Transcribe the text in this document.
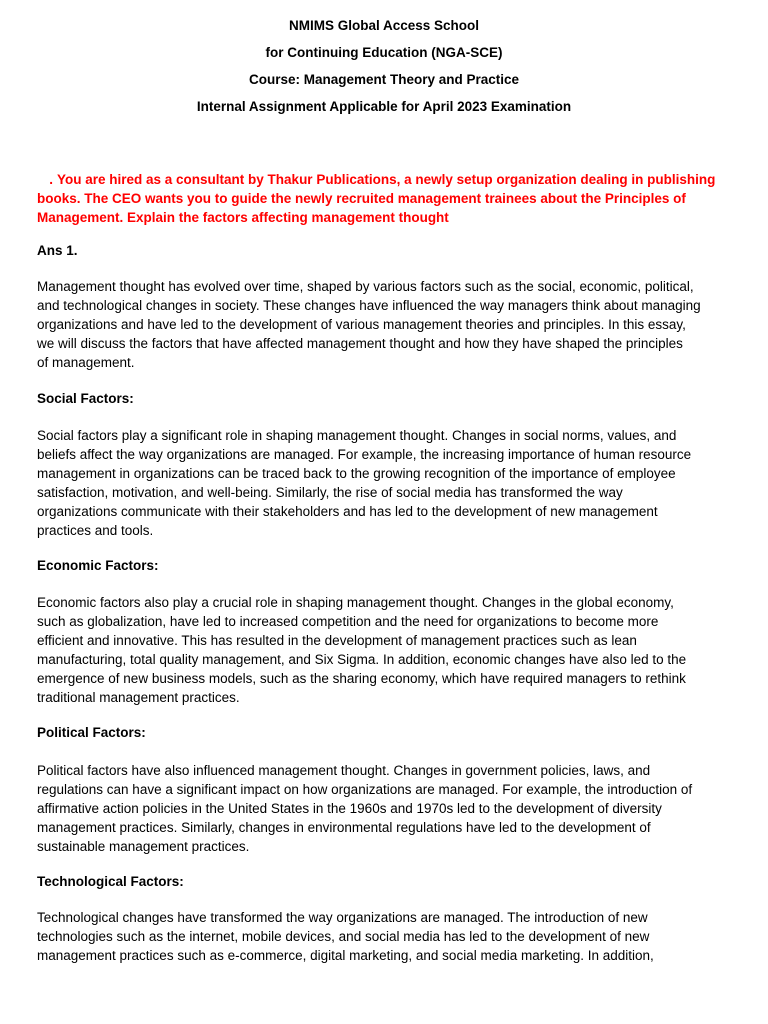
NMIMS Global Access School
for Continuing Education (NGA-SCE)
Course: Management Theory and Practice
Internal Assignment Applicable for April 2023 Examination
. You are hired as a consultant by Thakur Publications, a newly setup organization dealing in publishing
books. The CEO wants you to guide the newly recruited management trainees about the Principles of
Management. Explain the factors affecting management thought
Ans 1.
Management thought has evolved over time, shaped by various factors such as the social, economic, political,
and technological changes in society. These changes have influenced the way managers think about managing
organizations and have led to the development of various management theories and principles. In this essay,
we will discuss the factors that have affected management thought and how they have shaped the principles
of management.
Social Factors:
Social factors play a significant role in shaping management thought. Changes in social norms, values, and
beliefs affect the way organizations are managed. For example, the increasing importance of human resource
management in organizations can be traced back to the growing recognition of the importance of employee
satisfaction, motivation, and well-being. Similarly, the rise of social media has transformed the way
organizations communicate with their stakeholders and has led to the development of new management
practices and tools.
Economic Factors:
Economic factors also play a crucial role in shaping management thought. Changes in the global economy,
such as globalization, have led to increased competition and the need for organizations to become more
efficient and innovative. This has resulted in the development of management practices such as lean
manufacturing, total quality management, and Six Sigma. In addition, economic changes have also led to the
emergence of new business models, such as the sharing economy, which have required managers to rethink
traditional management practices.
Political Factors:
Political factors have also influenced management thought. Changes in government policies, laws, and
regulations can have a significant impact on how organizations are managed. For example, the introduction of
affirmative action policies in the United States in the 1960s and 1970s led to the development of diversity
management practices. Similarly, changes in environmental regulations have led to the development of
sustainable management practices.
Technological Factors:
Technological changes have transformed the way organizations are managed. The introduction of new
technologies such as the internet, mobile devices, and social media has led to the development of new
management practices such as e-commerce, digital marketing, and social media marketing. In addition,
